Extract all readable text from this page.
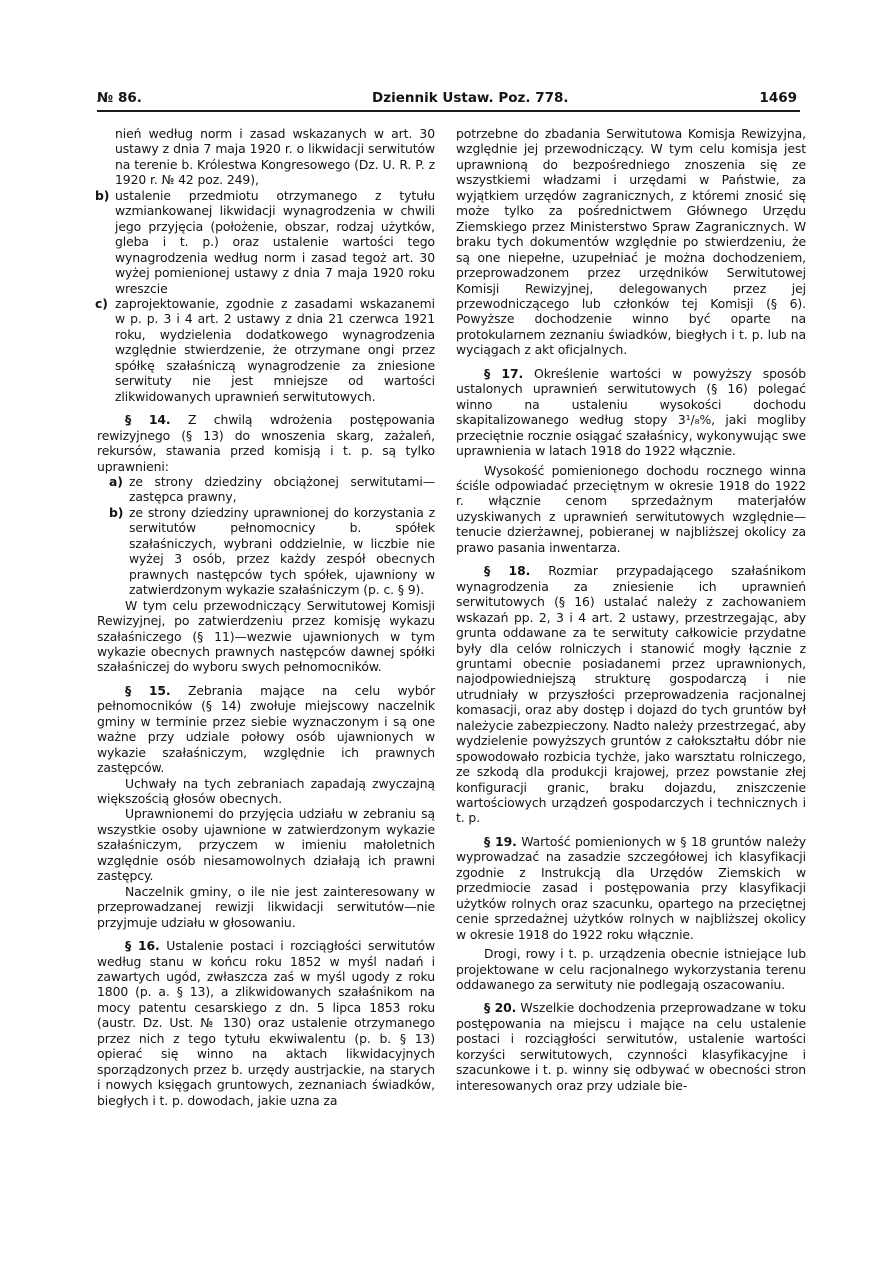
№ 86.	Dziennik Ustaw. Poz. 778.	1469

nień według norm i zasad wskazanych w art. 30 ustawy z dnia 7 maja 1920 r. o likwidacji serwitutów na terenie b. Królestwa Kongresowego (Dz. U. R. P. z 1920 r. № 42 poz. 249),

b) ustalenie przedmiotu otrzymanego z tytułu wzmiankowanej likwidacji wynagrodzenia w chwili jego przyjęcia (położenie, obszar, rodzaj użytków, gleba i t. p.) oraz ustalenie wartości tego wynagrodzenia według norm i zasad tegoż art. 30 wyżej pomienionej ustawy z dnia 7 maja 1920 roku wreszcie
c) zaprojektowanie, zgodnie z zasadami wskazanemi w p. p. 3 i 4 art. 2 ustawy z dnia 21 czerwca 1921 roku, wydzielenia dodatkowego wynagrodzenia względnie stwierdzenie, że otrzymane ongi przez spółkę szałaśniczą wynagrodzenie za zniesione serwituty nie jest mniejsze od wartości zlikwidowanych uprawnień serwitutowych.

§ 14. Z chwilą wdrożenia postępowania rewizyjnego (§ 13) do wnoszenia skarg, zażaleń, rekursów, stawania przed komisją i t. p. są tylko uprawnieni:

a) ze strony dziedziny obciążonej serwitutami—zastępca prawny,
b) ze strony dziedziny uprawnionej do korzystania z serwitutów pełnomocnicy b. spółek szałaśniczych, wybrani oddzielnie, w liczbie nie wyżej 3 osób, przez każdy zespół obecnych prawnych następców tych spółek, ujawniony w zatwierdzonym wykazie szałaśniczym (p. c. § 9).

W tym celu przewodniczący Serwitutowej Komisji Rewizyjnej, po zatwierdzeniu przez komisję wykazu szałaśniczego (§ 11)—wezwie ujawnionych w tym wykazie obecnych prawnych następców dawnej spółki szałaśniczej do wyboru swych pełnomocników.

§ 15. Zebrania mające na celu wybór pełnomocników (§ 14) zwołuje miejscowy naczelnik gminy w terminie przez siebie wyznaczonym i są one ważne przy udziale połowy osób ujawnionych w wykazie szałaśniczym, względnie ich prawnych zastępców.

Uchwały na tych zebraniach zapadają zwyczajną większością głosów obecnych.

Uprawnionemi do przyjęcia udziału w zebraniu są wszystkie osoby ujawnione w zatwierdzonym wykazie szałaśniczym, przyczem w imieniu małoletnich względnie osób niesamowolnych działają ich prawni zastępcy.

Naczelnik gminy, o ile nie jest zainteresowany w przeprowadzanej rewizji likwidacji serwitutów—nie przyjmuje udziału w głosowaniu.

§ 16. Ustalenie postaci i rozciągłości serwitutów według stanu w końcu roku 1852 w myśl nadań i zawartych ugód, zwłaszcza zaś w myśl ugody z roku 1800 (p. a. § 13), a zlikwidowanych szałaśnikom na mocy patentu cesarskiego z dn. 5 lipca 1853 roku (austr. Dz. Ust. № 130) oraz ustalenie otrzymanego przez nich z tego tytułu ekwiwalentu (p. b. § 13) opierać się winno na aktach likwidacyjnych sporządzonych przez b. urzędy austrjackie, na starych i nowych księgach gruntowych, zeznaniach świadków, biegłych i t. p. dowodach, jakie uzna za

potrzebne do zbadania Serwitutowa Komisja Rewizyjna, względnie jej przewodniczący. W tym celu komisja jest uprawnioną do bezpośredniego znoszenia się ze wszystkiemi władzami i urzędami w Państwie, za wyjątkiem urzędów zagranicznych, z któremi znosić się może tylko za pośrednictwem Głównego Urzędu Ziemskiego przez Ministerstwo Spraw Zagranicznych. W braku tych dokumentów względnie po stwierdzeniu, że są one niepełne, uzupełniać je można dochodzeniem, przeprowadzonem przez urzędników Serwitutowej Komisji Rewizyjnej, delegowanych przez jej przewodniczącego lub członków tej Komisji (§ 6). Powyższe dochodzenie winno być oparte na protokularnem zeznaniu świadków, biegłych i t. p. lub na wyciągach z akt oficjalnych.

§ 17. Określenie wartości w powyższy sposób ustalonych uprawnień serwitutowych (§ 16) polegać winno na ustaleniu wysokości dochodu skapitalizowanego według stopy 3¹/₈%, jaki mogliby przeciętnie rocznie osiągać szałaśnicy, wykonywując swe uprawnienia w latach 1918 do 1922 włącznie.

Wysokość pomienionego dochodu rocznego winna ściśle odpowiadać przeciętnym w okresie 1918 do 1922 r. włącznie cenom sprzedażnym materjałów uzyskiwanych z uprawnień serwitutowych względnie—tenucie dzierżawnej, pobieranej w najbliższej okolicy za prawo pasania inwentarza.

§ 18. Rozmiar przypadającego szałaśnikom wynagrodzenia za zniesienie ich uprawnień serwitutowych (§ 16) ustalać należy z zachowaniem wskazań pp. 2, 3 i 4 art. 2 ustawy, przestrzegając, aby grunta oddawane za te serwituty całkowicie przydatne były dla celów rolniczych i stanowić mogły łącznie z gruntami obecnie posiadanemi przez uprawnionych, najodpowiedniejszą strukturę gospodarczą i nie utrudniały w przyszłości przeprowadzenia racjonalnej komasacji, oraz aby dostęp i dojazd do tych gruntów był należycie zabezpieczony. Nadto należy przestrzegać, aby wydzielenie powyższych gruntów z całokształtu dóbr nie spowodowało rozbicia tychże, jako warsztatu rolniczego, ze szkodą dla produkcji krajowej, przez powstanie złej konfiguracji granic, braku dojazdu, zniszczenie wartościowych urządzeń gospodarczych i technicznych i t. p.

§ 19. Wartość pomienionych w § 18 gruntów należy wyprowadzać na zasadzie szczegółowej ich klasyfikacji zgodnie z Instrukcją dla Urzędów Ziemskich w przedmiocie zasad i postępowania przy klasyfikacji użytków rolnych oraz szacunku, opartego na przeciętnej cenie sprzedażnej użytków rolnych w najbliższej okolicy w okresie 1918 do 1922 roku włącznie.

Drogi, rowy i t. p. urządzenia obecnie istniejące lub projektowane w celu racjonalnego wykorzystania terenu oddawanego za serwituty nie podlegają oszacowaniu.

§ 20. Wszelkie dochodzenia przeprowadzane w toku postępowania na miejscu i mające na celu ustalenie postaci i rozciągłości serwitutów, ustalenie wartości korzyści serwitutowych, czynności klasyfikacyjne i szacunkowe i t. p. winny się odbywać w obecności stron interesowanych oraz przy udziale bie-
